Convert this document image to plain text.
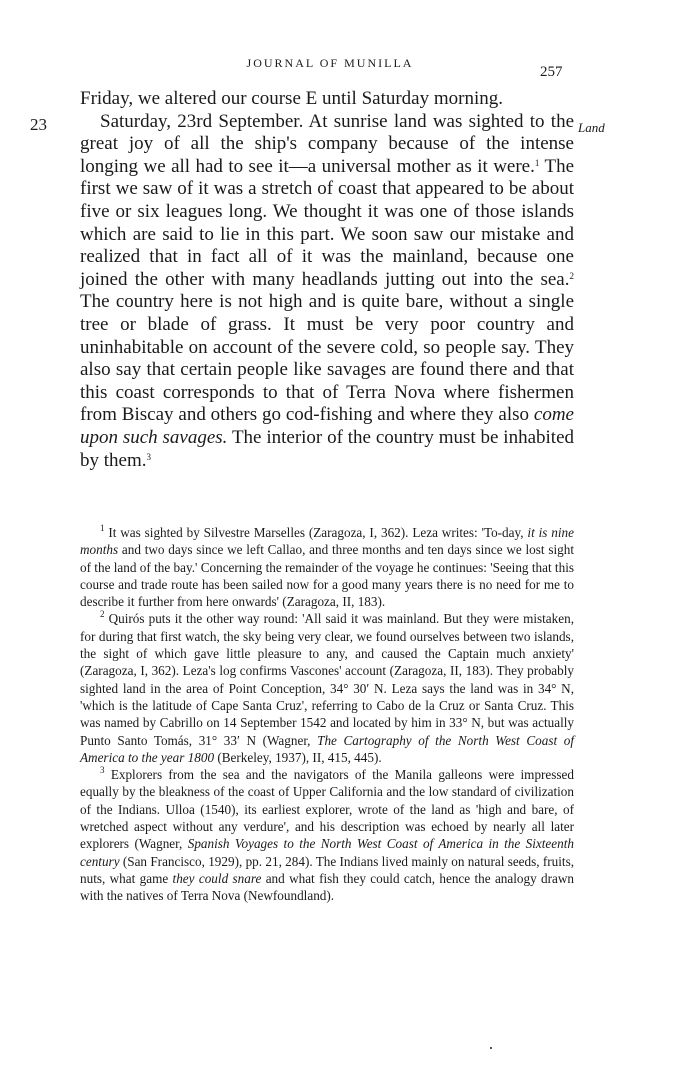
JOURNAL OF MUNILLA
257
23	Land

Friday, we altered our course E until Saturday morning.

Saturday, 23rd September. At sunrise land was sighted to the great joy of all the ship's company because of the intense longing we all had to see it—a universal mother as it were.$^1$ The first we saw of it was a stretch of coast that appeared to be about five or six leagues long. We thought it was one of those islands which are said to lie in this part. We soon saw our mistake and realized that in fact all of it was the mainland, because one joined the other with many headlands jutting out into the sea.$^2$ The country here is not high and is quite bare, without a single tree or blade of grass. It must be very poor country and uninhabitable on account of the severe cold, so people say. They also say that certain people like savages are found there and that this coast corresponds to that of Terra Nova where fishermen from Biscay and others go cod-fishing and where they also come upon such savages. The interior of the country must be inhabited by them.$^3$

$^1$ It was sighted by Silvestre Marselles (Zaragoza, I, 362). Leza writes: 'To-day, it is nine months and two days since we left Callao, and three months and ten days since we lost sight of the land of the bay.' Concerning the remainder of the voyage he continues: 'Seeing that this course and trade route has been sailed now for a good many years there is no need for me to describe it further from here onwards' (Zaragoza, II, 183).

$^2$ Quirós puts it the other way round: 'All said it was mainland. But they were mistaken, for during that first watch, the sky being very clear, we found ourselves between two islands, the sight of which gave little pleasure to any, and caused the Captain much anxiety' (Zaragoza, I, 362). Leza's log confirms Vascones' account (Zaragoza, II, 183). They probably sighted land in the area of Point Conception, 34° 30′ N. Leza says the land was in 34° N, 'which is the latitude of Cape Santa Cruz', referring to Cabo de la Cruz or Santa Cruz. This was named by Cabrillo on 14 September 1542 and located by him in 33° N, but was actually Punto Santo Tomás, 31° 33′ N (Wagner, The Cartography of the North West Coast of America to the year 1800 (Berkeley, 1937), II, 415, 445).

$^3$ Explorers from the sea and the navigators of the Manila galleons were impressed equally by the bleakness of the coast of Upper California and the low standard of civilization of the Indians. Ulloa (1540), its earliest explorer, wrote of the land as 'high and bare, of wretched aspect without any verdure', and his description was echoed by nearly all later explorers (Wagner, Spanish Voyages to the North West Coast of America in the Sixteenth century (San Francisco, 1929), pp. 21, 284). The Indians lived mainly on natural seeds, fruits, nuts, what game they could snare and what fish they could catch, hence the analogy drawn with the natives of Terra Nova (Newfoundland).
